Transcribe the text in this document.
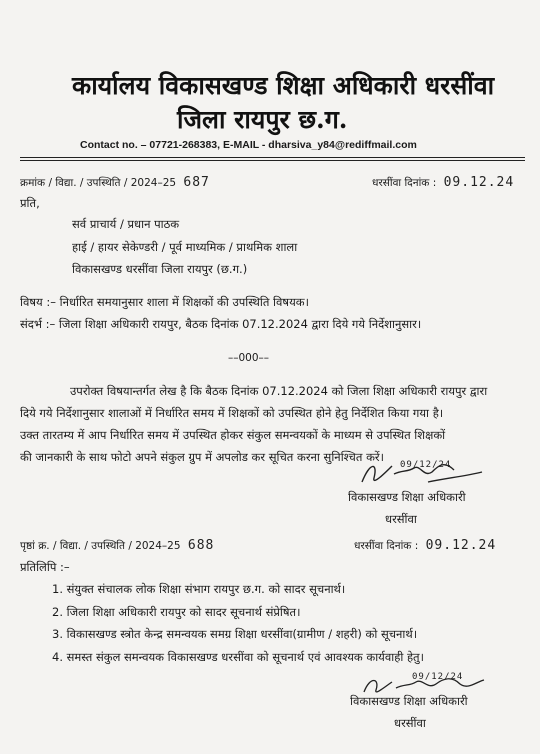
कार्यालय विकासखण्ड शिक्षा अधिकारी धरसींवा
जिला रायपुर छ.ग.
Contact no. – 07721-268383, E-MAIL - dharsiva_y84@rediffmail.com
क्रमांक / विद्या. / उपस्थिति / 2024–25 687	धरसींवा दिनांक : 09.12.24
प्रति,
सर्व प्राचार्य / प्रधान पाठक
हाई / हायर सेकेण्डरी / पूर्व माध्यमिक / प्राथमिक शाला
विकासखण्ड धरसींवा जिला रायपुर (छ.ग.)
विषय :– निर्धारित समयानुसार शाला में शिक्षकों की उपस्थिति विषयक।
संदर्भ :– जिला शिक्षा अधिकारी रायपुर, बैठक दिनांक 07.12.2024 द्वारा दिये गये निर्देशानुसार।
––000––
उपरोक्त विषयान्तर्गत लेख है कि बैठक दिनांक 07.12.2024 को जिला शिक्षा अधिकारी रायपुर द्वारा
दिये गये निर्देशानुसार शालाओं में निर्धारित समय में शिक्षकों को उपस्थित होने हेतु निर्देशित किया गया है।
उक्त तारतम्य में आप निर्धारित समय में उपस्थित होकर संकुल समन्वयकों के माध्यम से उपस्थित शिक्षकों
की जानकारी के साथ फोटो अपने संकुल ग्रुप में अपलोड कर सूचित करना सुनिश्चित करें।
09/12/24
विकासखण्ड शिक्षा अधिकारी
धरसींवा
पृष्ठां क्र. / विद्या. / उपस्थिति / 2024–25 688	धरसींवा दिनांक : 09.12.24
प्रतिलिपि :–
1. संयुक्त संचालक लोक शिक्षा संभाग रायपुर छ.ग. को सादर सूचनार्थ।
2. जिला शिक्षा अधिकारी रायपुर को सादर सूचनार्थ संप्रेषित।
3. विकासखण्ड स्त्रोत केन्द्र समन्वयक समग्र शिक्षा धरसींवा(ग्रामीण / शहरी) को सूचनार्थ।
4. समस्त संकुल समन्वयक विकासखण्ड धरसींवा को सूचनार्थ एवं आवश्यक कार्यवाही हेतु।
09/12/24
विकासखण्ड शिक्षा अधिकारी
धरसींवा
